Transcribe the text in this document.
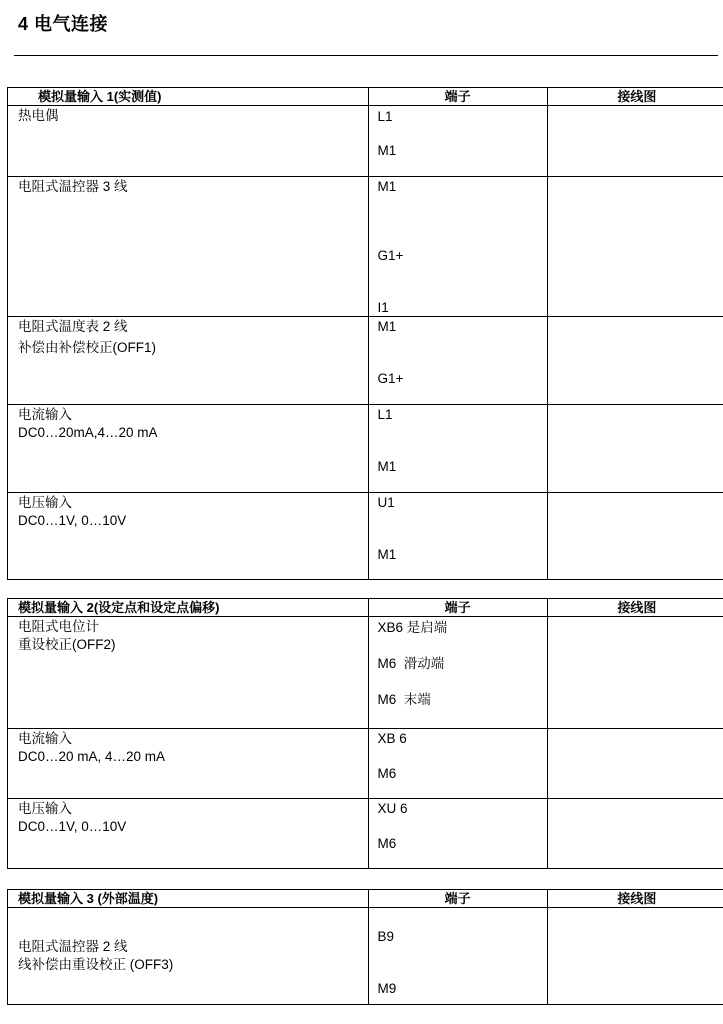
4 电气连接
模拟量输入 1(实测值)	端子	接线图

热电偶	L1
M1	

电阻式温控器 3 线	M1
G1+
I1	

电阻式温度表 2 线
补偿由补偿校正(OFF1)	M1
G1+	

电流输入
DC0…20mA,4…20 mA	L1
M1	

电压输入
DC0…1V, 0…10V	U1
M1	

模拟量输入 2(设定点和设定点偏移)	端子	接线图

电阻式电位计
重设校正(OFF2)	XB6 是启端
M6  滑动端
M6  末端	

电流输入
DC0…20 mA, 4…20 mA	XB 6
M6	

电压输入
DC0…1V, 0…10V	XU 6
M6	

模拟量输入 3 (外部温度)	端子	接线图

电阻式温控器 2 线
线补偿由重设校正 (OFF3)	B9
M9	
